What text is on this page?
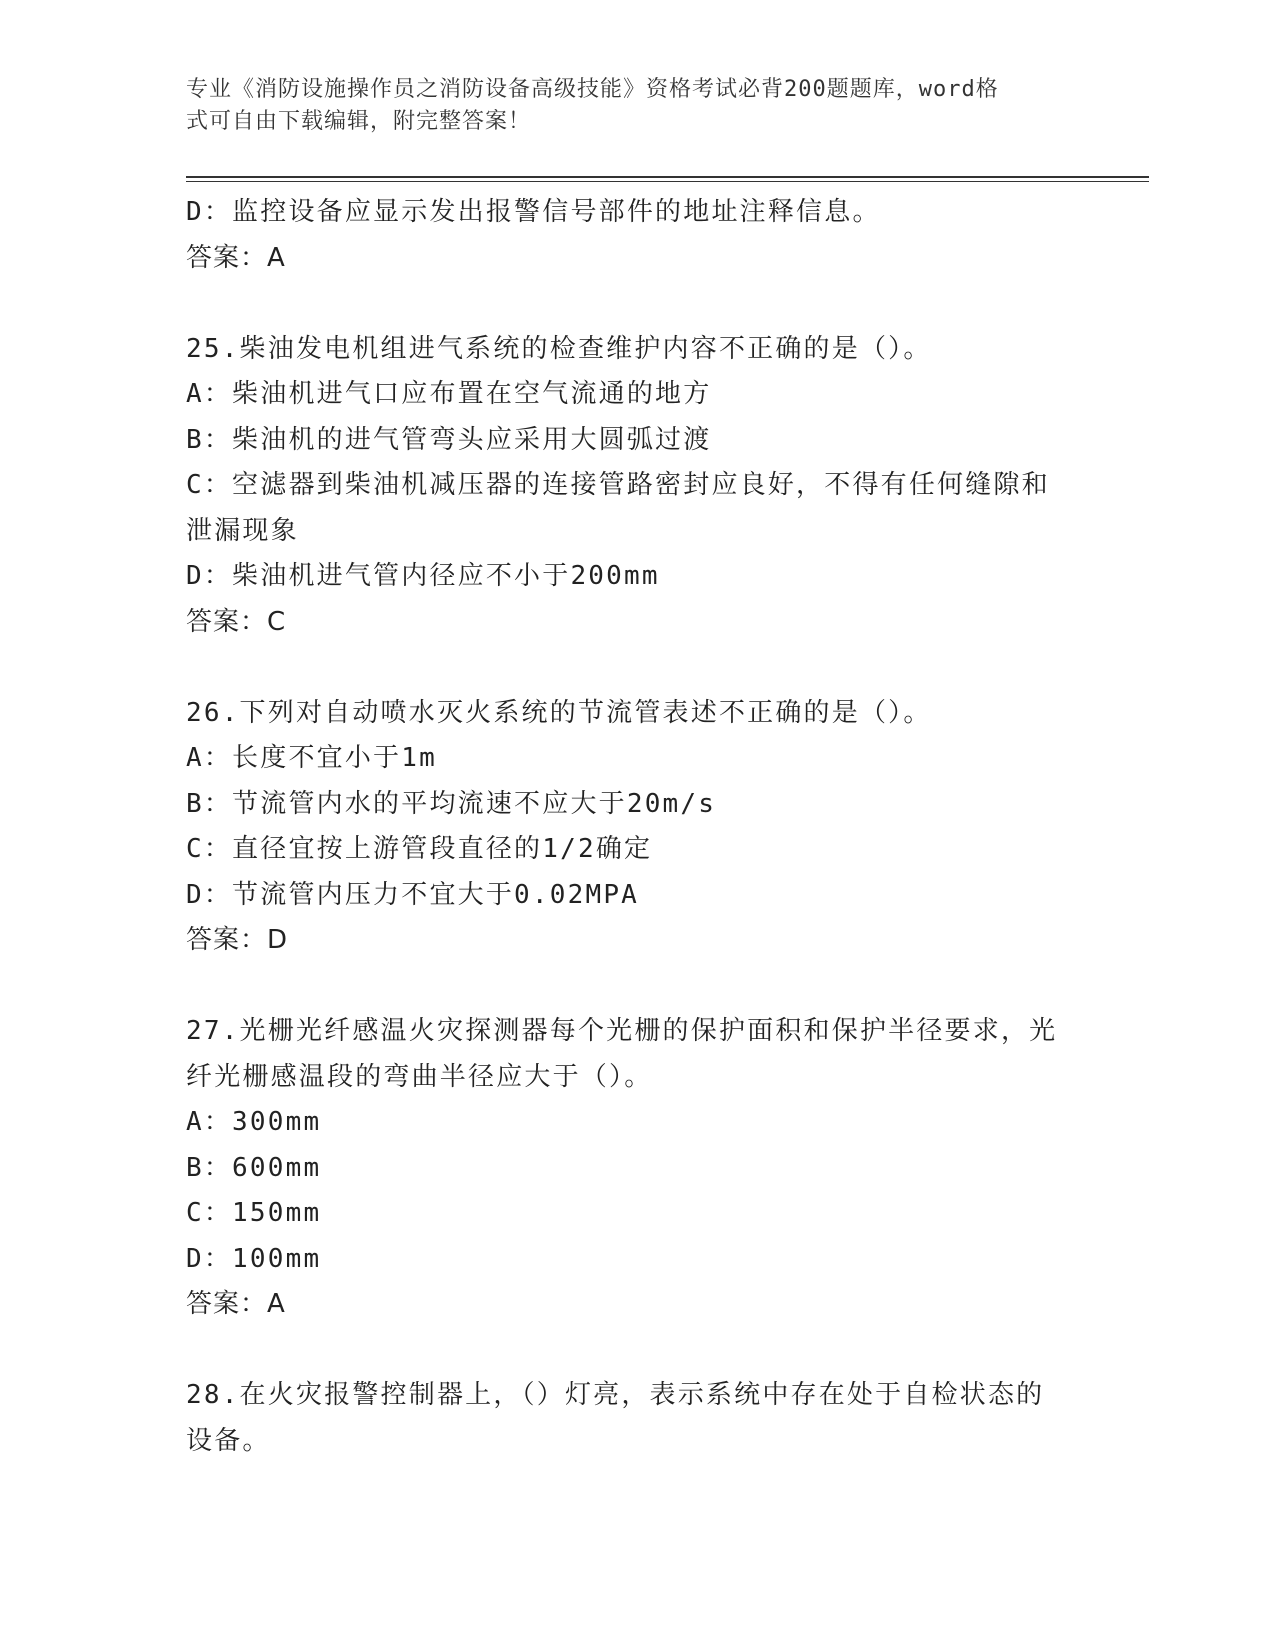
专业《消防设施操作员之消防设备高级技能》资格考试必背200题题库，word格
式可自由下载编辑，附完整答案！
D：监控设备应显示发出报警信号部件的地址注释信息。
答案：A
25.柴油发电机组进气系统的检查维护内容不正确的是（）。
A：柴油机进气口应布置在空气流通的地方
B：柴油机的进气管弯头应采用大圆弧过渡
C：空滤器到柴油机减压器的连接管路密封应良好，不得有任何缝隙和
泄漏现象
D：柴油机进气管内径应不小于200mm
答案：C
26.下列对自动喷水灭火系统的节流管表述不正确的是（）。
A：长度不宜小于1m
B：节流管内水的平均流速不应大于20m/s
C：直径宜按上游管段直径的1/2确定
D：节流管内压力不宜大于0.02MPA
答案：D
27.光栅光纤感温火灾探测器每个光栅的保护面积和保护半径要求，光
纤光栅感温段的弯曲半径应大于（）。
A：300mm
B：600mm
C：150mm
D：100mm
答案：A
28.在火灾报警控制器上，（）灯亮，表示系统中存在处于自检状态的
设备。
